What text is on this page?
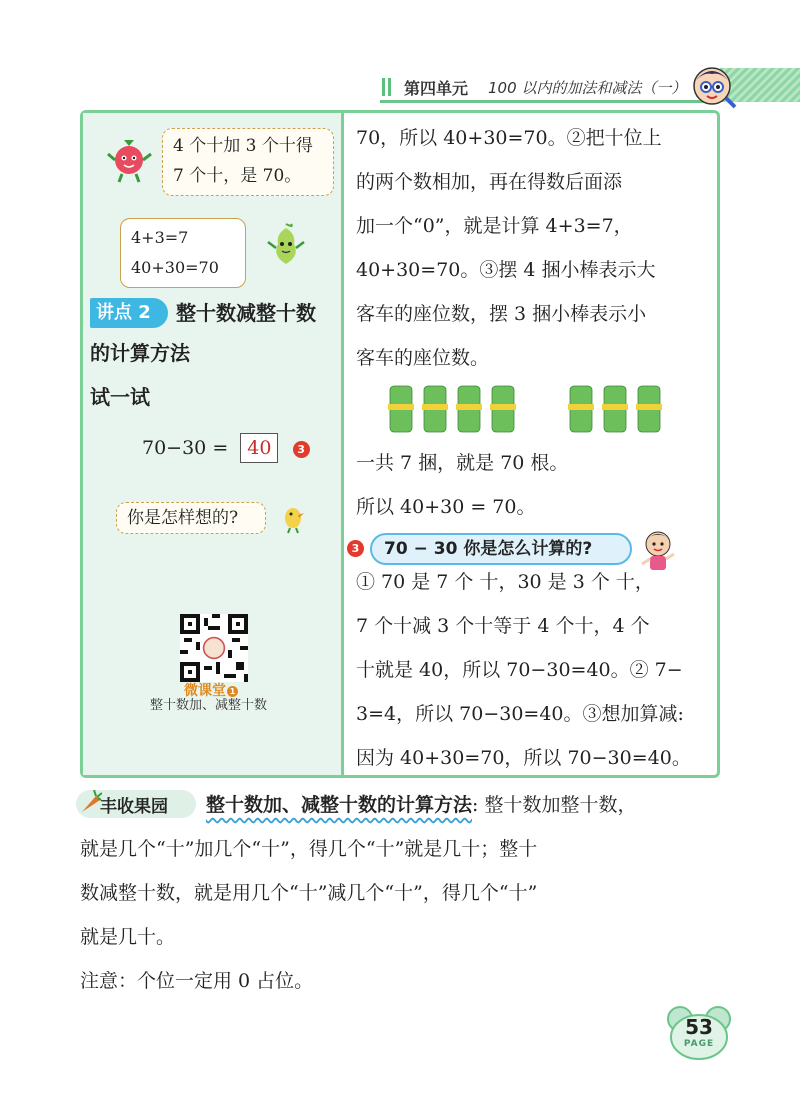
第四单元 100 以内的加法和减法（一）
4 个十加 3 个十得
7 个十，是 70。
4+3=7
40+30=70
讲点 2	整十数减整十数
的计算方法
试一试
70−30 = 40 3
你是怎样想的?
微课堂 1
整十数加、减整十数
70，所以 40+30=70。②把十位上
的两个数相加，再在得数后面添
加一个“0”，就是计算 4+3=7，
40+30=70。③摆 4 捆小棒表示大
客车的座位数，摆 3 捆小棒表示小
客车的座位数。
一共 7 捆，就是 70 根。
所以 40+30 = 70。
3	70 − 30 你是怎么计算的?
① 70 是 7 个 十，30 是 3 个 十，
7 个十减 3 个十等于 4 个十，4 个
十就是 40，所以 70−30=40。② 7−
3=4，所以 70−30=40。③想加算减:
因为 40+30=70，所以 70−30=40。
丰收果园 整十数加、减整十数的计算方法: 整十数加整十数，
就是几个“十”加几个“十”，得几个“十”就是几十；整十
数减整十数，就是用几个“十”减几个“十”，得几个“十”
就是几十。
注意：个位一定用 0 占位。
53
PAGE
